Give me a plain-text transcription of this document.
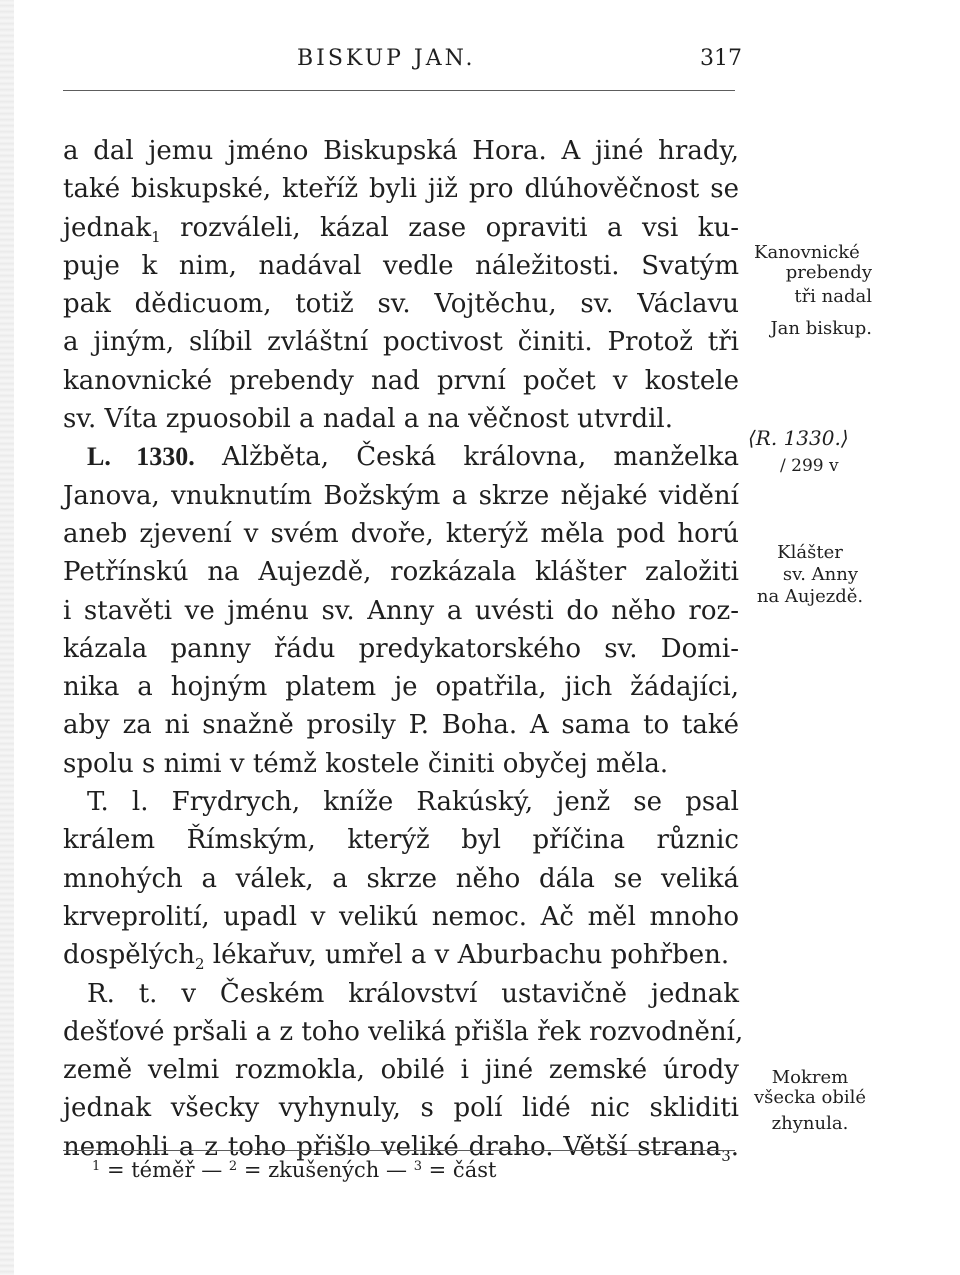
BISKUP JAN.	317
a dal jemu jméno Biskupská Hora. A jiné hrady,
také biskupské, kteříž byli již pro dlúhověčnost se
jednak$_1$ rozváleli, kázal zase opraviti a vsi ku-
puje k nim, nadával vedle náležitosti. Svatým
pak dědicuom, totiž sv. Vojtěchu, sv. Václavu
a jiným, slíbil zvláštní poctivost činiti. Protož tři
kanovnické prebendy nad první počet v kostele
sv. Víta zpuosobil a nadal a na věčnost utvrdil.
L. 1330. Alžběta, Česká královna, manželka
Janova, vnuknutím Božským a skrze nějaké vidění
aneb zjevení v svém dvoře, kterýž měla pod horú
Petřínskú na Aujezdě, rozkázala klášter založiti
i stavěti ve jménu sv. Anny a uvésti do něho roz-
kázala panny řádu predykatorského sv. Domi-
nika a hojným platem je opatřila, jich žádajíci,
aby za ni snažně prosily P. Boha. A sama to také
spolu s nimi v témž kostele činiti obyčej měla.
T. l. Frydrych, kníže Rakúský, jenž se psal
králem Římským, kterýž byl příčina různic
mnohých a válek, a skrze něho dála se veliká
krveprolití, upadl v velikú nemoc. Ač měl mnoho
dospělých$_2$ lékařuv, umřel a v Aburbachu pohřben.
R. t. v Českém království ustavičně jednak
dešťové pršali a z toho veliká přišla řek rozvodnění,
země velmi rozmokla, obilé i jiné zemské úrody
jednak všecky vyhynuly, s polí lidé nic skliditi
nemohli a z toho přišlo veliké draho. Větší strana$_3$.
Kanovnické
prebendy
tři nadal
Jan biskup.
⟨R. 1330.⟩
/ 299 v
Klášter
sv. Anny
na Aujezdě.
Mokrem
všecka obilé
zhynula.
$^1$ = téměř — $^2$ = zkušených — $^3$ = část
